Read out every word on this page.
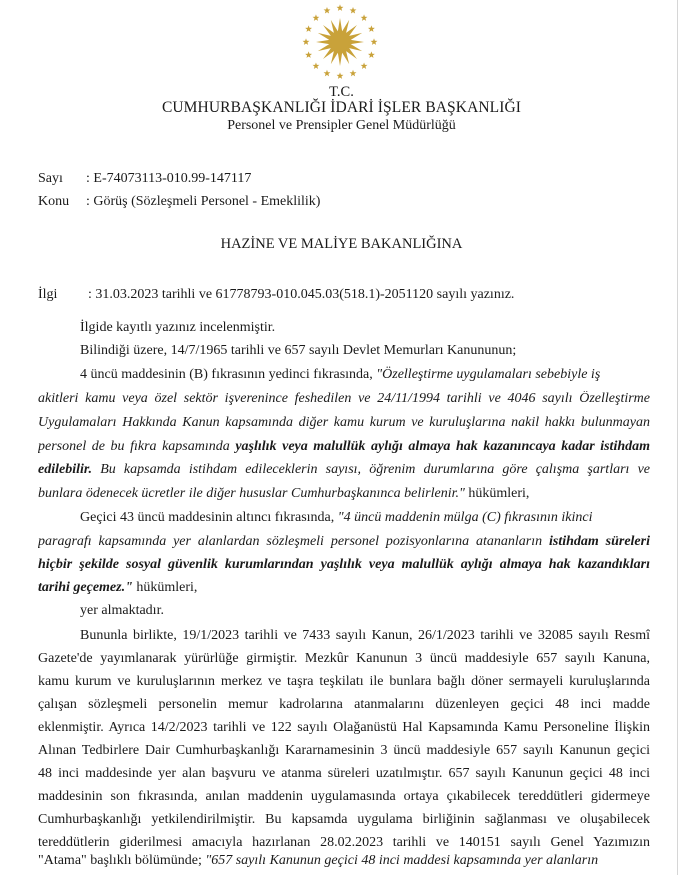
T.C.
CUMHURBAŞKANLIĞI İDARİ İŞLER BAŞKANLIĞI
Personel ve Prensipler Genel Müdürlüğü
Sayı : E-74073113-010.99-147117
Konu : Görüş (Sözleşmeli Personel - Emeklilik)
HAZİNE VE MALİYE BAKANLIĞINA
İlgi : 31.03.2023 tarihli ve 61778793-010.045.03(518.1)-2051120 sayılı yazınız.
İlgide kayıtlı yazınız incelenmiştir.
Bilindiği üzere, 14/7/1965 tarihli ve 657 sayılı Devlet Memurları Kanununun;
4 üncü maddesinin (B) fıkrasının yedinci fıkrasında, "Özelleştirme uygulamaları sebebiyle iş
akitleri kamu veya özel sektör işverenince feshedilen ve 24/11/1994 tarihli ve 4046 sayılı Özelleştirme
Uygulamaları Hakkında Kanun kapsamında diğer kamu kurum ve kuruluşlarına nakil hakkı bulunmayan
personel de bu fıkra kapsamında yaşlılık veya malullük aylığı almaya hak kazanıncaya kadar istihdam
edilebilir. Bu kapsamda istihdam edileceklerin sayısı, öğrenim durumlarına göre çalışma şartları ve
bunlara ödenecek ücretler ile diğer hususlar Cumhurbaşkanınca belirlenir." hükümleri,
Geçici 43 üncü maddesinin altıncı fıkrasında, "4 üncü maddenin mülga (C) fıkrasının ikinci
paragrafı kapsamında yer alanlardan sözleşmeli personel pozisyonlarına atananların istihdam süreleri
hiçbir şekilde sosyal güvenlik kurumlarından yaşlılık veya malullük aylığı almaya hak kazandıkları
tarihi geçemez." hükümleri,
yer almaktadır.
Bununla birlikte, 19/1/2023 tarihli ve 7433 sayılı Kanun, 26/1/2023 tarihli ve 32085 sayılı Resmî
Gazete'de yayımlanarak yürürlüğe girmiştir. Mezkûr Kanunun 3 üncü maddesiyle 657 sayılı Kanuna,
kamu kurum ve kuruluşlarının merkez ve taşra teşkilatı ile bunlara bağlı döner sermayeli kuruluşlarında
çalışan sözleşmeli personelin memur kadrolarına atanmalarını düzenleyen geçici 48 inci madde
eklenmiştir. Ayrıca 14/2/2023 tarihli ve 122 sayılı Olağanüstü Hal Kapsamında Kamu Personeline İlişkin
Alınan Tedbirlere Dair Cumhurbaşkanlığı Kararnamesinin 3 üncü maddesiyle 657 sayılı Kanunun geçici
48 inci maddesinde yer alan başvuru ve atanma süreleri uzatılmıştır. 657 sayılı Kanunun geçici 48 inci
maddesinin son fıkrasında, anılan maddenin uygulamasında ortaya çıkabilecek tereddütleri gidermeye
Cumhurbaşkanlığı yetkilendirilmiştir. Bu kapsamda uygulama birliğinin sağlanması ve oluşabilecek
tereddütlerin giderilmesi amacıyla hazırlanan 28.02.2023 tarihli ve 140151 sayılı Genel Yazımızın
"Atama" başlıklı bölümünde; "657 sayılı Kanunun geçici 48 inci maddesi kapsamında yer alanların
